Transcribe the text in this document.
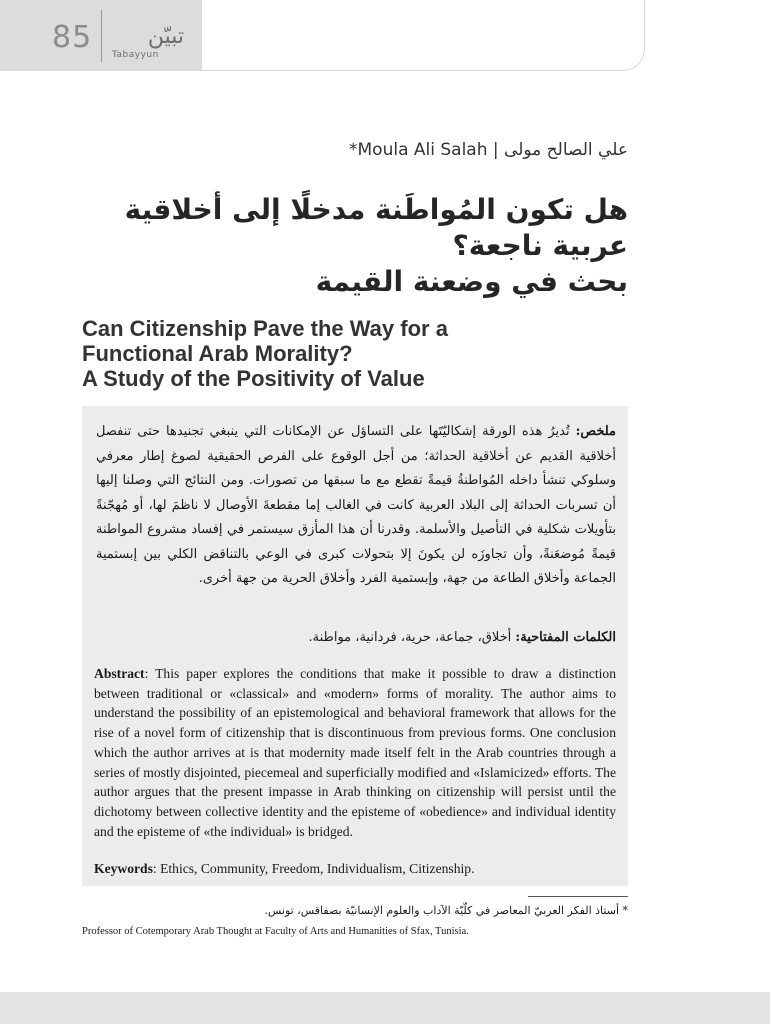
85	تبيّن
Tabayyun
*Moula Ali Salah | علي الصالح مولى
هل تكون المُواطَنة مدخلًا إلى أخلاقية
عربية ناجعة؟
بحث في وضعنة القيمة
Can Citizenship Pave the Way for a
Functional Arab Morality?
A Study of the Positivity of Value
ملخص: تُديرُ هذه الورقة إشكاليّتَها على التساؤل عن الإمكانات التي ينبغي تجنيدها حتى تنفصل أخلاقية القديم عن أخلاقية الحداثة؛ من أجل الوقوع على الفرص الحقيقية لصوغ إطار معرفي وسلوكي تنشأ داخله المُواطنةُ قيمةً تقطع مع ما سبقها من تصورات. ومن النتائج التي وصلنا إليها أن تسربات الحداثة إلى البلاد العربية كانت في الغالب إما مقطعةَ الأوصال لا ناظمَ لها، أو مُهجّنةً بتأويلات شكلية في التأصيل والأسلمة. وقدرنا أن هذا المأزق سيستمر في إفساد مشروع المواطنة قيمةً مُوضعَنةً، وأن تجاوزَه لن يكونَ إلا بتحولات كبرى في الوعي بالتناقض الكلي بين إبستمية الجماعة وأخلاق الطاعة من جهة، وإبستمية الفرد وأخلاق الحرية من جهة أخرى.
الكلمات المفتاحية: أخلاق، جماعة، حرية، فردانية، مواطنة.
Abstract: This paper explores the conditions that make it possible to draw a distinction between traditional or «classical» and «modern» forms of morality. The author aims to understand the possibility of an epistemological and behavioral framework that allows for the rise of a novel form of citizenship that is discontinuous from previous forms. One conclusion which the author arrives at is that modernity made itself felt in the Arab countries through a series of mostly disjointed, piecemeal and superficially modified and «Islamicized» efforts. The author argues that the present impasse in Arab thinking on citizenship will persist until the dichotomy between collective identity and the episteme of «obedience» and individual identity and the episteme of «the individual» is bridged.
Keywords: Ethics, Community, Freedom, Individualism, Citizenship.
* أستاذ الفكر العربيّ المعاصر في كلّيّة الآداب والعلوم الإنسانيّة بصفاقس، تونس.
Professor of Cotemporary Arab Thought at Faculty of Arts and Humanities of Sfax, Tunisia.
